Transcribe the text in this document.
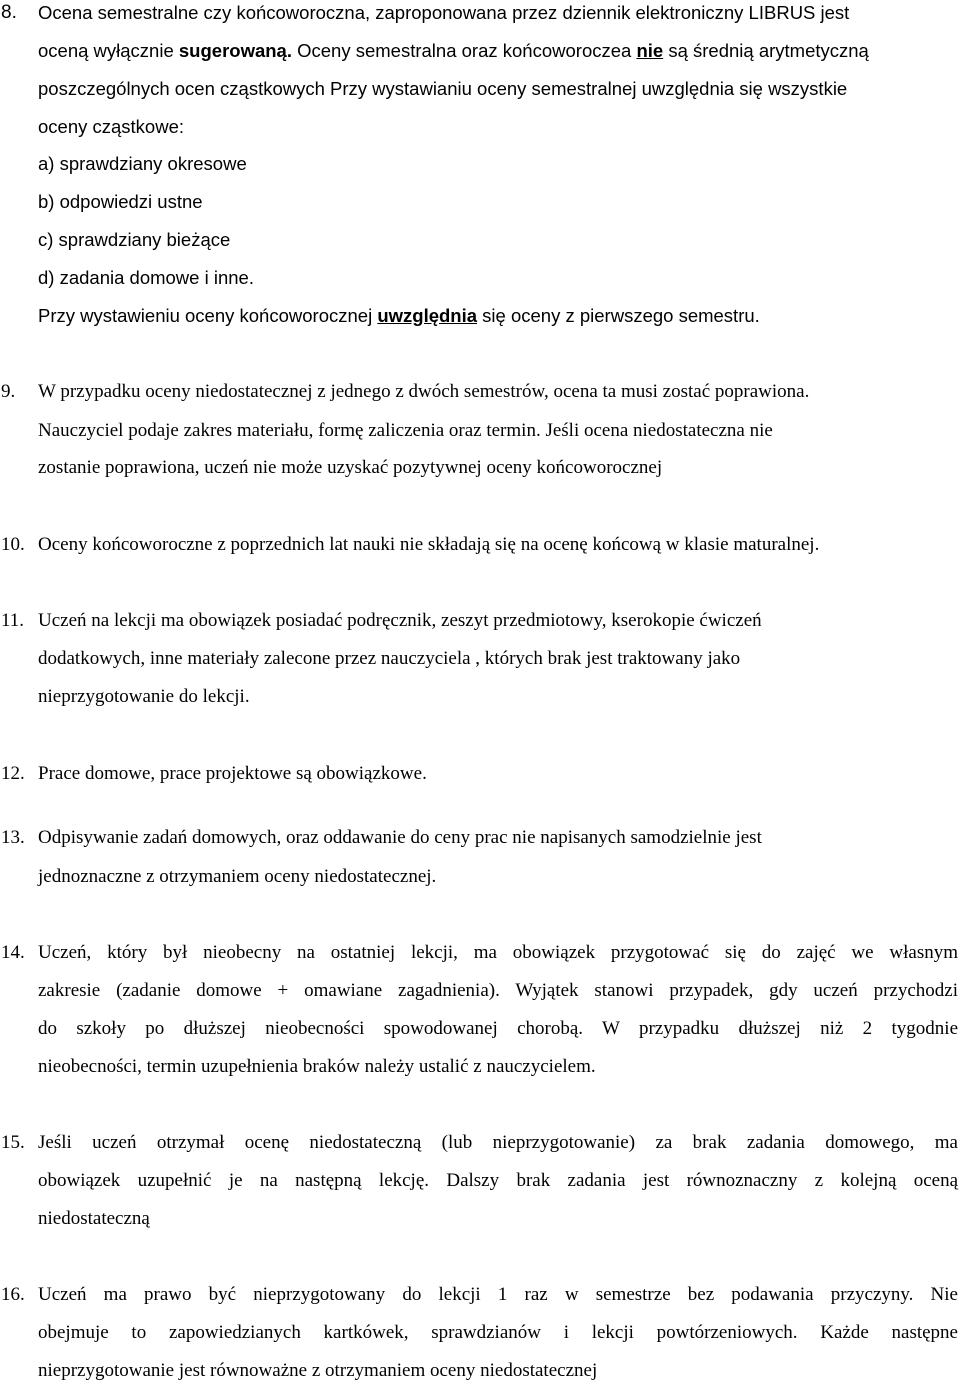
8. Ocena semestralne czy końcoworoczna, zaproponowana przez dziennik elektroniczny LIBRUS jest
oceną wyłącznie sugerowaną. Oceny semestralna oraz końcoworoczea nie są średnią arytmetyczną
poszczególnych ocen cząstkowych Przy wystawianiu oceny semestralnej uwzględnia się wszystkie
oceny cząstkowe:
a) sprawdziany okresowe
b) odpowiedzi ustne
c) sprawdziany bieżące
d) zadania domowe i inne.
Przy wystawieniu oceny końcoworocznej uwzględnia się oceny z pierwszego semestru.
9. W przypadku oceny niedostatecznej z jednego z dwóch semestrów, ocena ta musi zostać poprawiona.
Nauczyciel podaje zakres materiału, formę zaliczenia oraz termin. Jeśli ocena niedostateczna nie
zostanie poprawiona, uczeń nie może uzyskać pozytywnej oceny końcoworocznej
10. Oceny końcoworoczne z poprzednich lat nauki nie składają się na ocenę końcową w klasie maturalnej.
11. Uczeń na lekcji ma obowiązek posiadać podręcznik, zeszyt przedmiotowy, kserokopie ćwiczeń
dodatkowych, inne materiały zalecone przez nauczyciela , których brak jest traktowany jako
nieprzygotowanie do lekcji.
12. Prace domowe, prace projektowe są obowiązkowe.
13. Odpisywanie zadań domowych, oraz oddawanie do ceny prac nie napisanych samodzielnie jest
jednoznaczne z otrzymaniem oceny niedostatecznej.
14. Uczeń, który był nieobecny na ostatniej lekcji, ma obowiązek przygotować się do zajęć we własnym
zakresie (zadanie domowe + omawiane zagadnienia). Wyjątek stanowi przypadek, gdy uczeń przychodzi
do szkoły po dłuższej nieobecności spowodowanej chorobą. W przypadku dłuższej niż 2 tygodnie
nieobecności, termin uzupełnienia braków należy ustalić z nauczycielem.
15. Jeśli uczeń otrzymał ocenę niedostateczną (lub nieprzygotowanie) za brak zadania domowego, ma
obowiązek uzupełnić je na następną lekcję. Dalszy brak zadania jest równoznaczny z kolejną oceną
niedostateczną
16. Uczeń ma prawo być nieprzygotowany do lekcji 1 raz w semestrze bez podawania przyczyny. Nie
obejmuje to zapowiedzianych kartkówek, sprawdzianów i lekcji powtórzeniowych. Każde następne
nieprzygotowanie jest równoważne z otrzymaniem oceny niedostatecznej
